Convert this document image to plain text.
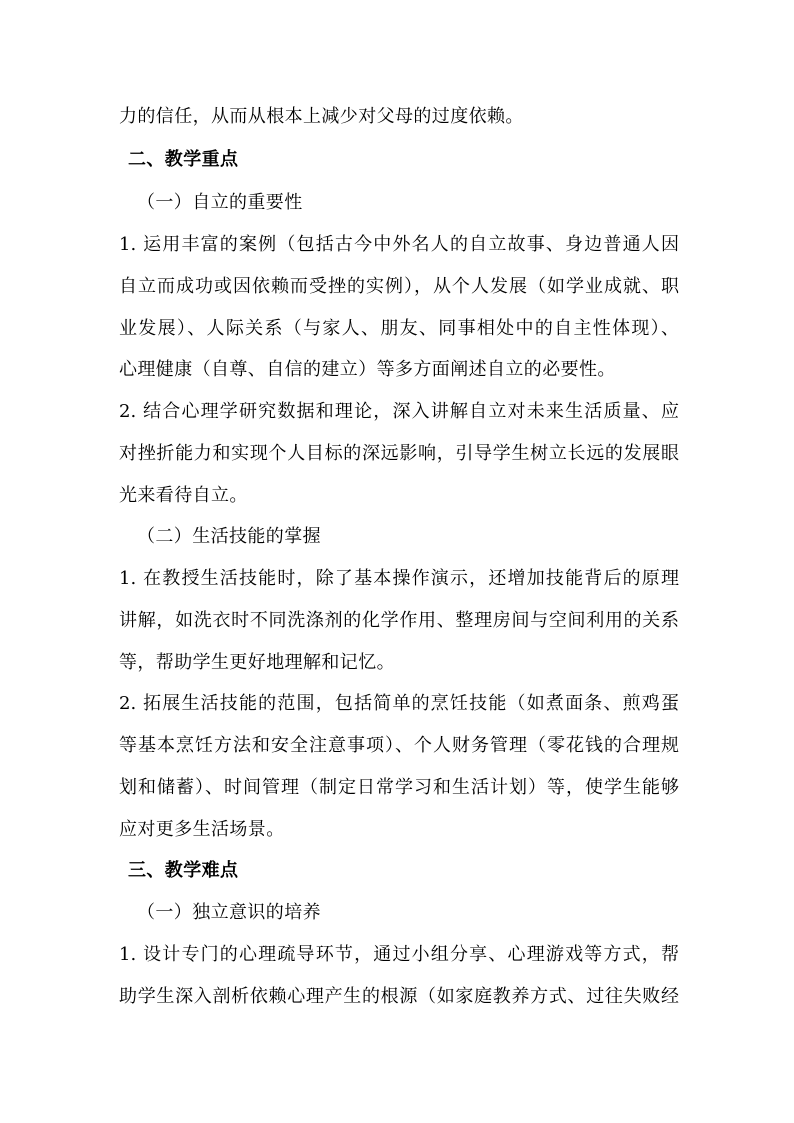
力的信任，从而从根本上减少对父母的过度依赖。
二、教学重点
（一）自立的重要性
1. 运用丰富的案例（包括古今中外名人的自立故事、身边普通人因
自立而成功或因依赖而受挫的实例），从个人发展（如学业成就、职
业发展）、人际关系（与家人、朋友、同事相处中的自主性体现）、
心理健康（自尊、自信的建立）等多方面阐述自立的必要性。
2. 结合心理学研究数据和理论，深入讲解自立对未来生活质量、应
对挫折能力和实现个人目标的深远影响，引导学生树立长远的发展眼
光来看待自立。
（二）生活技能的掌握
1. 在教授生活技能时，除了基本操作演示，还增加技能背后的原理
讲解，如洗衣时不同洗涤剂的化学作用、整理房间与空间利用的关系
等，帮助学生更好地理解和记忆。
2. 拓展生活技能的范围，包括简单的烹饪技能（如煮面条、煎鸡蛋
等基本烹饪方法和安全注意事项）、个人财务管理（零花钱的合理规
划和储蓄）、时间管理（制定日常学习和生活计划）等，使学生能够
应对更多生活场景。
三、教学难点
（一）独立意识的培养
1. 设计专门的心理疏导环节，通过小组分享、心理游戏等方式，帮
助学生深入剖析依赖心理产生的根源（如家庭教养方式、过往失败经
